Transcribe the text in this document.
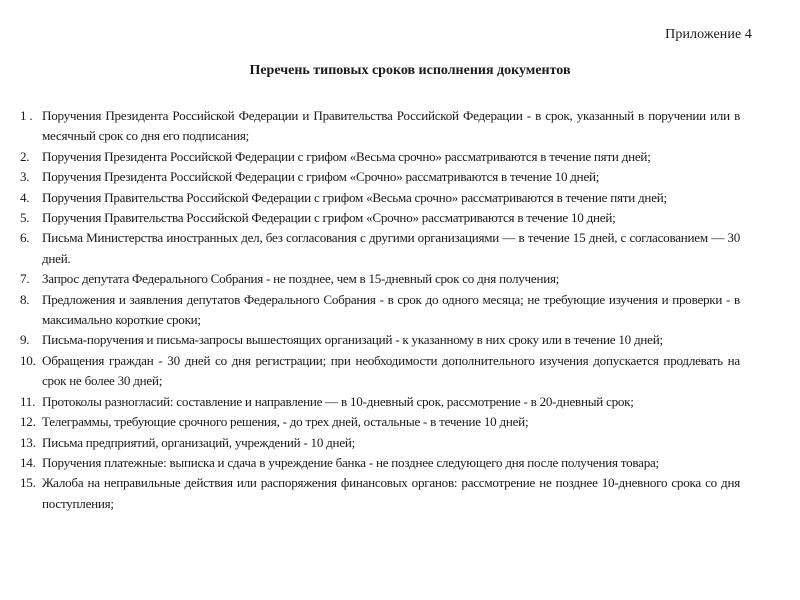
Приложение 4
Перечень типовых сроков исполнения документов
1 . Поручения Президента Российской Федерации и Правительства Российской Федерации - в срок, указанный в поручении или в месячный срок со дня его подписания;
2. Поручения Президента Российской Федерации с грифом «Весьма срочно» рассматриваются в течение пяти дней;
3. Поручения Президента Российской Федерации с грифом «Срочно» рассматриваются в течение 10 дней;
4. Поручения Правительства Российской Федерации с грифом «Весьма срочно» рассматриваются в течение пяти дней;
5. Поручения Правительства Российской Федерации с грифом «Срочно» рассматриваются в течение 10 дней;
6. Письма Министерства иностранных дел, без согласования с другими организациями — в течение 15 дней, с согласованием — 30 дней.
7. Запрос депутата Федерального Собрания - не позднее, чем в 15-дневный срок со дня получения;
8. Предложения и заявления депутатов Федерального Собрания - в срок до одного месяца; не требующие изучения и проверки - в максимально короткие сроки;
9. Письма-поручения и письма-запросы вышестоящих организаций - к указанному в них сроку или в течение 10 дней;
10. Обращения граждан - 30 дней со дня регистрации; при необходимости дополнительного изучения допускается продлевать на срок не более 30 дней;
11. Протоколы разногласий: составление и направление — в 10-дневный срок, рассмотрение - в 20-дневный срок;
12. Телеграммы, требующие срочного решения, - до трех дней, остальные - в течение 10 дней;
13. Письма предприятий, организаций, учреждений - 10 дней;
14. Поручения платежные: выписка и сдача в учреждение банка - не позднее следующего дня после получения товара;
15. Жалоба на неправильные действия или распоряжения финансовых органов: рассмотрение не позднее 10-дневного срока со дня поступления;
